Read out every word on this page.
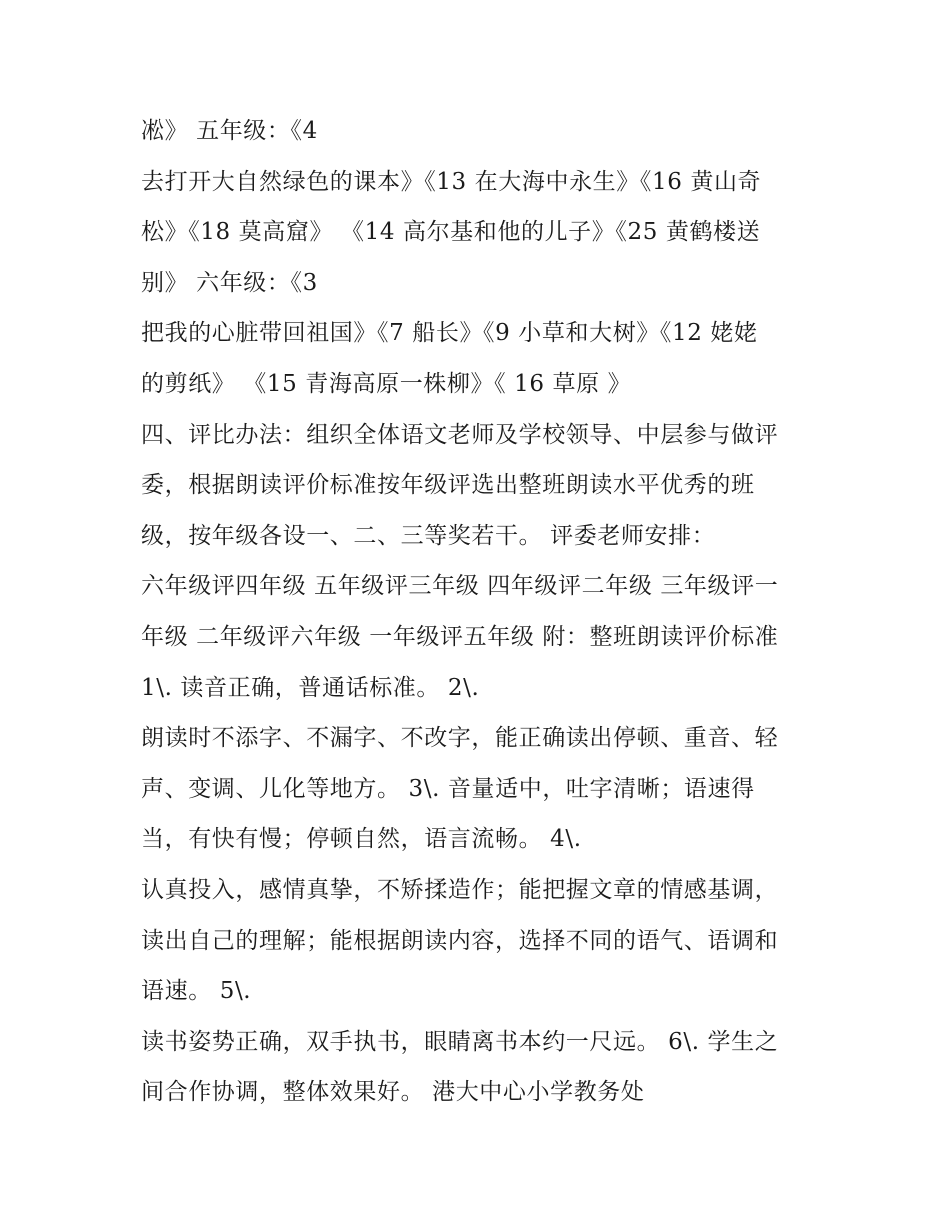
凇》 五年级：《4
去打开大自然绿色的课本》《13 在大海中永生》《16 黄山奇
松》《18 莫高窟》 《14 高尔基和他的儿子》《25 黄鹤楼送
别》 六年级：《3
把我的心脏带回祖国》《7 船长》《9 小草和大树》《12 姥姥
的剪纸》 《15 青海高原一株柳》《 16 草原 》
四、评比办法：组织全体语文老师及学校领导、中层参与做评
委，根据朗读评价标准按年级评选出整班朗读水平优秀的班
级，按年级各设一、二、三等奖若干。 评委老师安排：
六年级评四年级 五年级评三年级 四年级评二年级 三年级评一
年级 二年级评六年级 一年级评五年级 附：整班朗读评价标准
1\. 读音正确，普通话标准。 2\.
朗读时不添字、不漏字、不改字，能正确读出停顿、重音、轻
声、变调、儿化等地方。 3\. 音量适中，吐字清晰；语速得
当，有快有慢；停顿自然，语言流畅。 4\.
认真投入，感情真挚，不矫揉造作；能把握文章的情感基调，
读出自己的理解；能根据朗读内容，选择不同的语气、语调和
语速。 5\.
读书姿势正确，双手执书，眼睛离书本约一尺远。 6\. 学生之
间合作协调，整体效果好。 港大中心小学教务处
